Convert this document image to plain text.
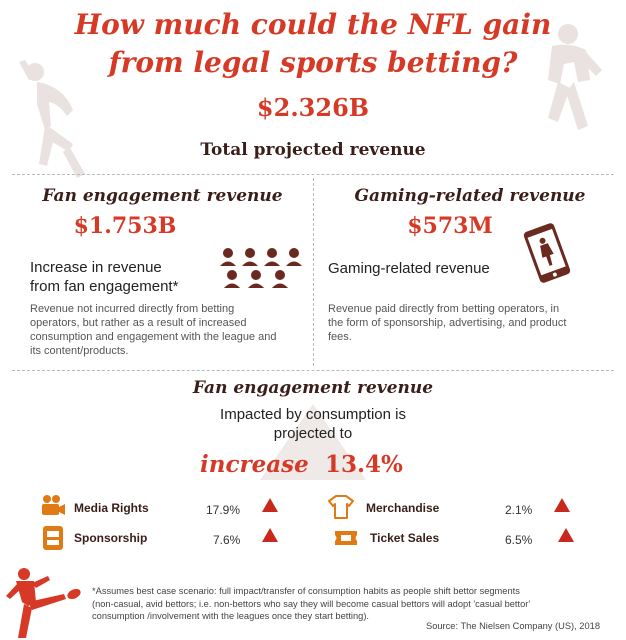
How much could the NFL gain
from legal sports betting?
$2.326B
Total projected revenue
Fan engagement revenue
$1.753B
Increase in revenue
from fan engagement*
Revenue not incurred directly from betting
operators, but rather as a result of increased
consumption and engagement with the league and
its content/products.
Gaming-related revenue
$573M
Gaming-related revenue
Revenue paid directly from betting operators, in
the form of sponsorship, advertising, and product
fees.
Fan engagement revenue
Impacted by consumption is
projected to
increase 13.4%
Media Rights	17.9%	Merchandise	2.1%
Sponsorship	7.6%	Ticket Sales	6.5%
*Assumes best case scenario: full impact/transfer of consumption habits as people shift bettor segments
(non-casual, avid bettors; i.e. non-bettors who say they will become casual bettors will adopt 'casual bettor'
consumption /involvement with the leagues once they start betting).
Source: The Nielsen Company (US), 2018
